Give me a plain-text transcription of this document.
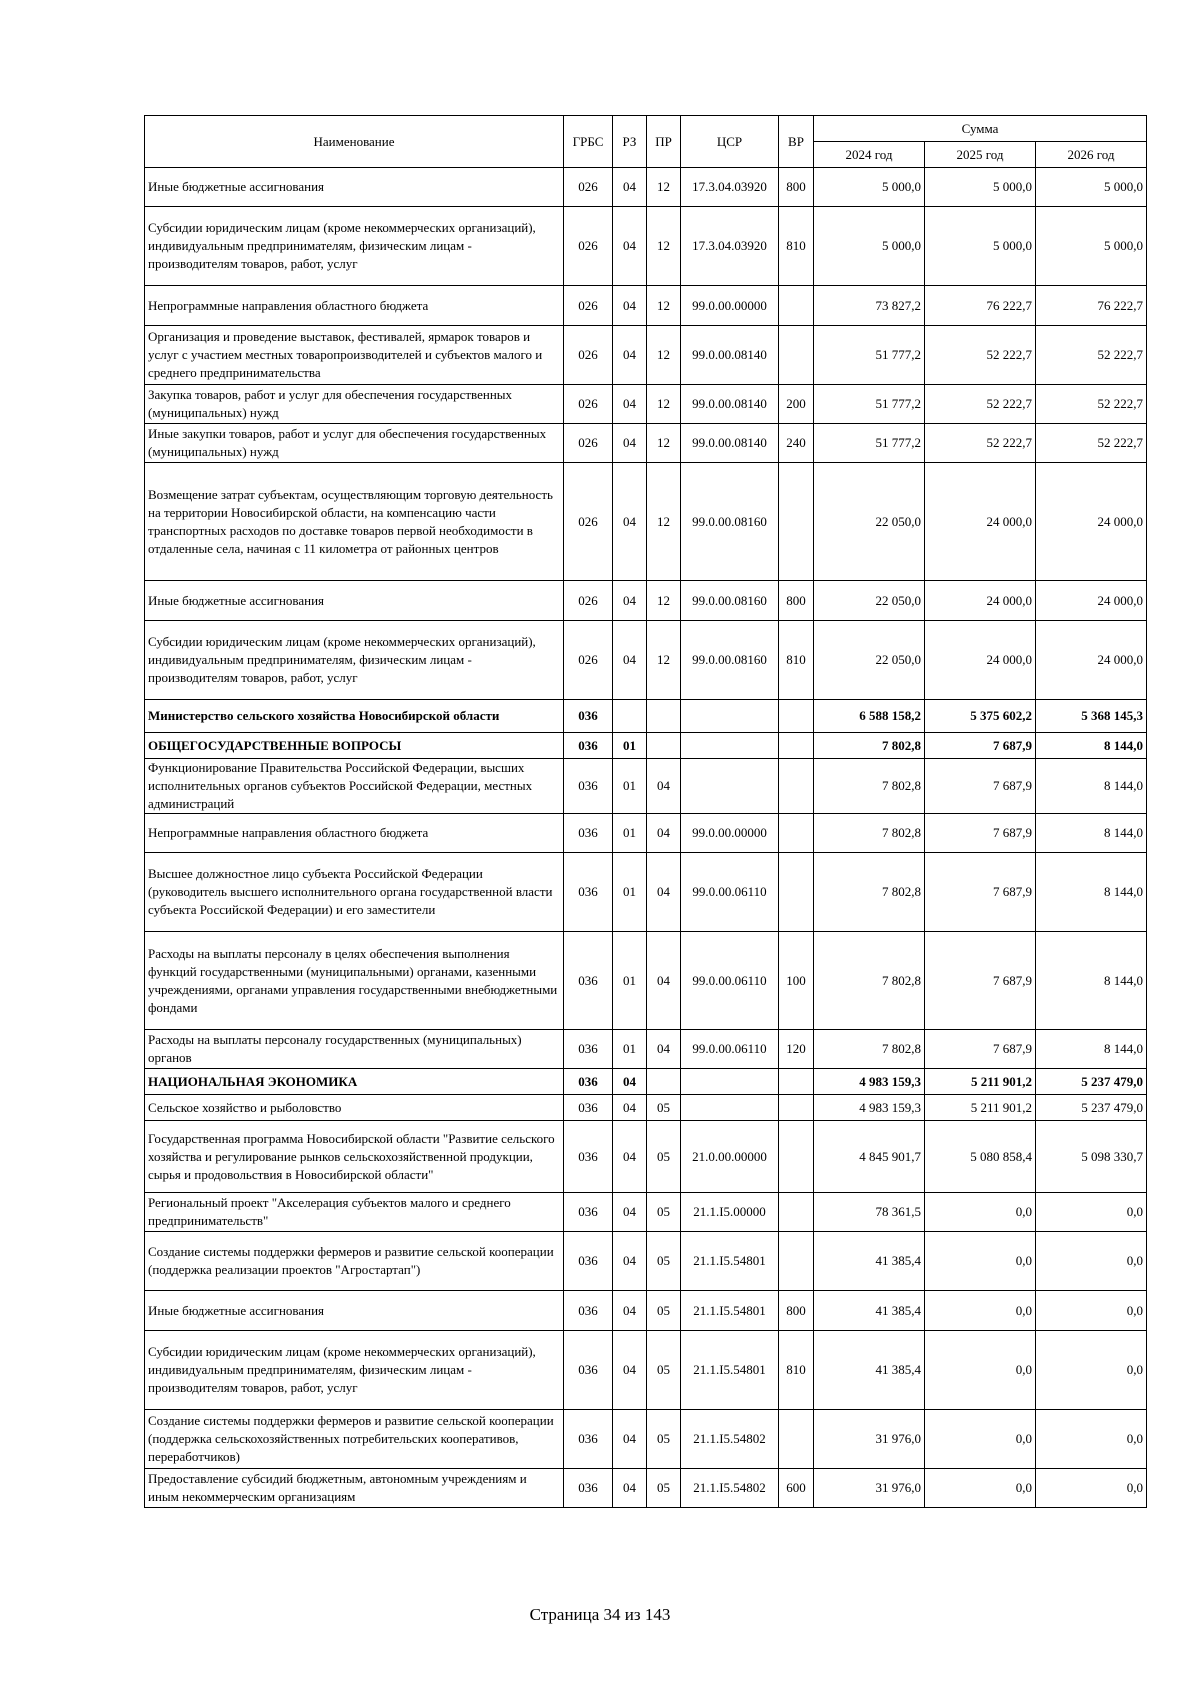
Наименование	ГРБС	РЗ	ПР	ЦСР	ВР	Сумма		
						2024 год	2025 год	2026 год
Иные бюджетные ассигнования	026	04	12	17.3.04.03920	800	5 000,0	5 000,0	5 000,0
Субсидии юридическим лицам (кроме некоммерческих организаций), индивидуальным предпринимателям, физическим лицам - производителям товаров, работ, услуг	026	04	12	17.3.04.03920	810	5 000,0	5 000,0	5 000,0
Непрограммные направления областного бюджета	026	04	12	99.0.00.00000		73 827,2	76 222,7	76 222,7
Организация и проведение выставок, фестивалей, ярмарок товаров и услуг с участием местных товаропроизводителей и субъектов малого и среднего предпринимательства	026	04	12	99.0.00.08140		51 777,2	52 222,7	52 222,7
Закупка товаров, работ и услуг для обеспечения государственных (муниципальных) нужд	026	04	12	99.0.00.08140	200	51 777,2	52 222,7	52 222,7
Иные закупки товаров, работ и услуг для обеспечения государственных (муниципальных) нужд	026	04	12	99.0.00.08140	240	51 777,2	52 222,7	52 222,7
Возмещение затрат субъектам, осуществляющим торговую деятельность на территории Новосибирской области, на компенсацию части транспортных расходов по доставке товаров первой необходимости в отдаленные села, начиная с 11 километра от районных центров	026	04	12	99.0.00.08160		22 050,0	24 000,0	24 000,0
Иные бюджетные ассигнования	026	04	12	99.0.00.08160	800	22 050,0	24 000,0	24 000,0
Субсидии юридическим лицам (кроме некоммерческих организаций), индивидуальным предпринимателям, физическим лицам - производителям товаров, работ, услуг	026	04	12	99.0.00.08160	810	22 050,0	24 000,0	24 000,0
Министерство сельского хозяйства Новосибирской области	036					6 588 158,2	5 375 602,2	5 368 145,3
ОБЩЕГОСУДАРСТВЕННЫЕ ВОПРОСЫ	036	01				7 802,8	7 687,9	8 144,0
Функционирование Правительства Российской Федерации, высших исполнительных органов субъектов Российской Федерации, местных администраций	036	01	04			7 802,8	7 687,9	8 144,0
Непрограммные направления областного бюджета	036	01	04	99.0.00.00000		7 802,8	7 687,9	8 144,0
Высшее должностное лицо субъекта Российской Федерации (руководитель высшего исполнительного органа государственной власти субъекта Российской Федерации) и его заместители	036	01	04	99.0.00.06110		7 802,8	7 687,9	8 144,0
Расходы на выплаты персоналу в целях обеспечения выполнения функций государственными (муниципальными) органами, казенными учреждениями, органами управления государственными внебюджетными фондами	036	01	04	99.0.00.06110	100	7 802,8	7 687,9	8 144,0
Расходы на выплаты персоналу государственных (муниципальных) органов	036	01	04	99.0.00.06110	120	7 802,8	7 687,9	8 144,0
НАЦИОНАЛЬНАЯ ЭКОНОМИКА	036	04				4 983 159,3	5 211 901,2	5 237 479,0
Сельское хозяйство и рыболовство	036	04	05			4 983 159,3	5 211 901,2	5 237 479,0
Государственная программа Новосибирской области "Развитие сельского хозяйства и регулирование рынков сельскохозяйственной продукции, сырья и продовольствия в Новосибирской области"	036	04	05	21.0.00.00000		4 845 901,7	5 080 858,4	5 098 330,7
Региональный проект "Акселерация субъектов малого и среднего предпринимательств"	036	04	05	21.1.I5.00000		78 361,5	0,0	0,0
Создание системы поддержки фермеров и развитие сельской кооперации (поддержка реализации проектов "Агростартап")	036	04	05	21.1.I5.54801		41 385,4	0,0	0,0
Иные бюджетные ассигнования	036	04	05	21.1.I5.54801	800	41 385,4	0,0	0,0
Субсидии юридическим лицам (кроме некоммерческих организаций), индивидуальным предпринимателям, физическим лицам - производителям товаров, работ, услуг	036	04	05	21.1.I5.54801	810	41 385,4	0,0	0,0
Создание системы поддержки фермеров и развитие сельской кооперации (поддержка сельскохозяйственных потребительских кооперативов, переработчиков)	036	04	05	21.1.I5.54802		31 976,0	0,0	0,0
Предоставление субсидий бюджетным, автономным учреждениям и иным некоммерческим организациям	036	04	05	21.1.I5.54802	600	31 976,0	0,0	0,0
Страница 34 из 143
